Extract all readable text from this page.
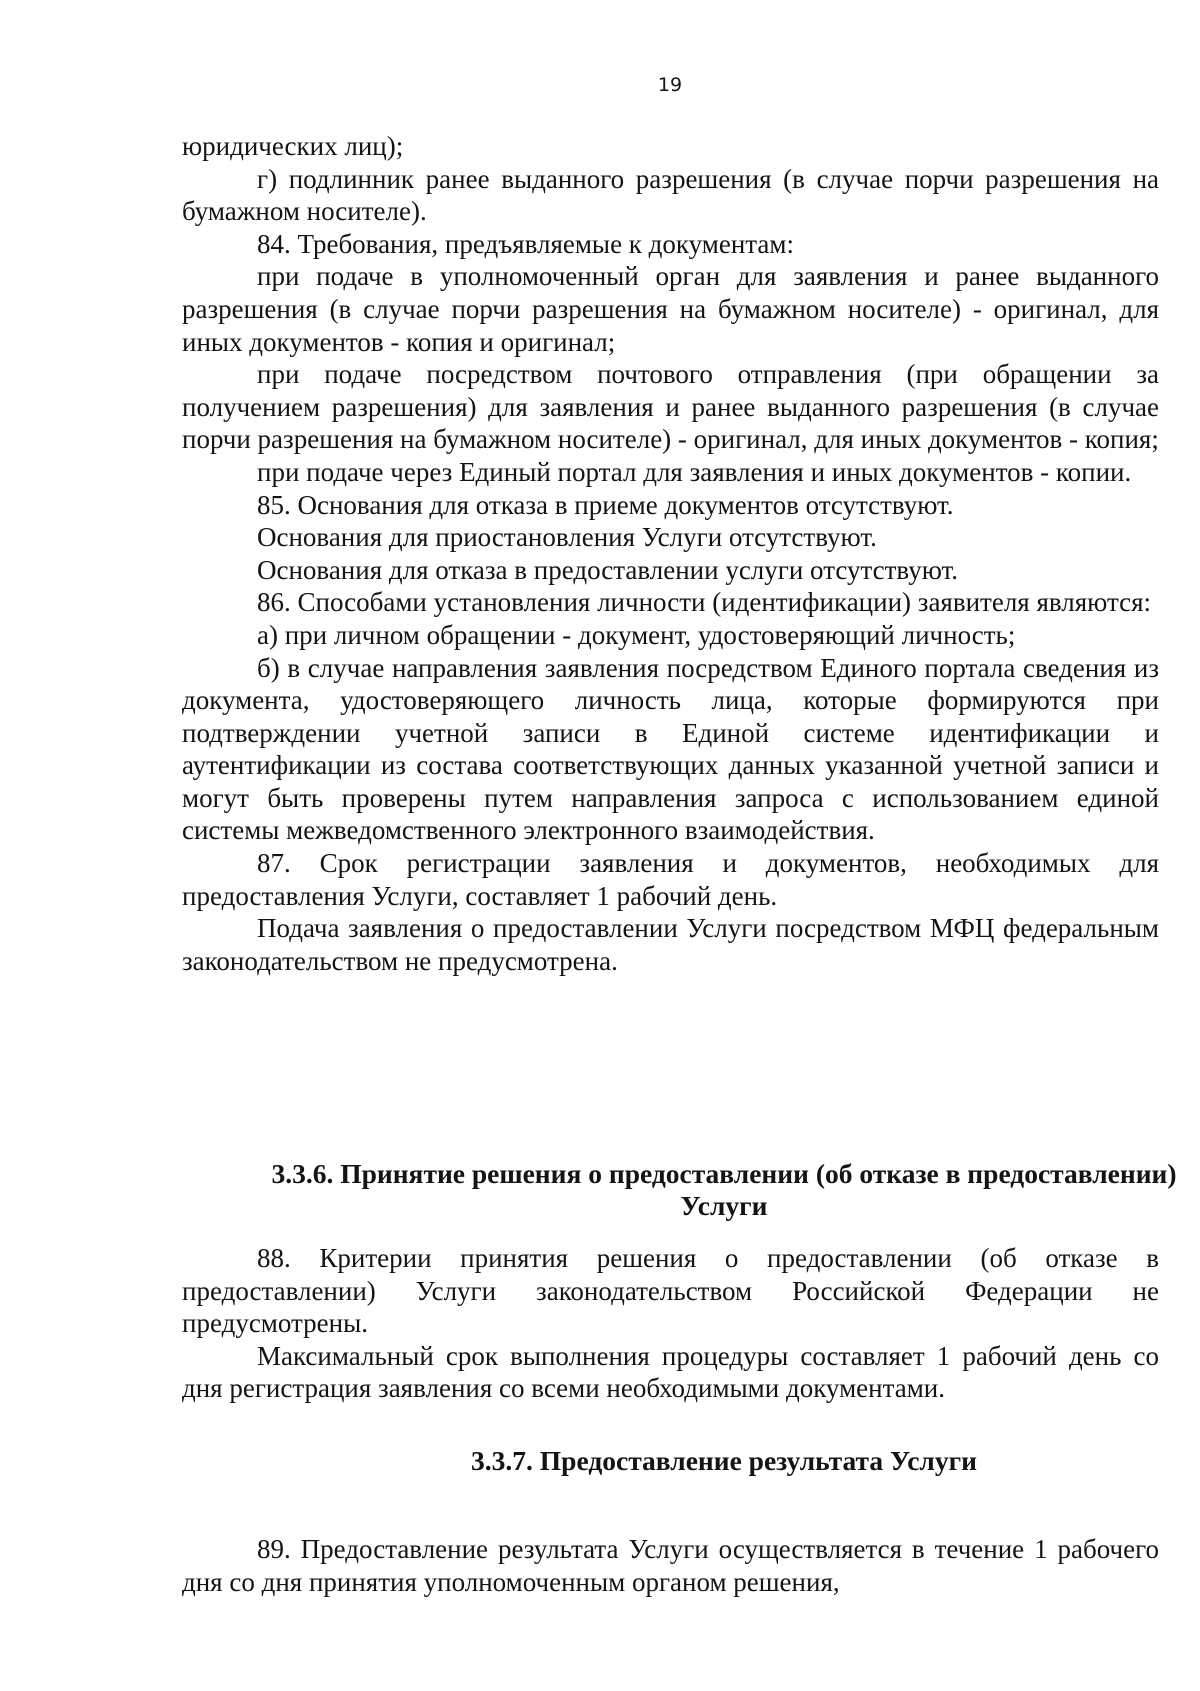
19

юридических лиц);

г) подлинник ранее выданного разрешения (в случае порчи разрешения на бумажном носителе).

84. Требования, предъявляемые к документам:

при подаче в уполномоченный орган для заявления и ранее выданного разрешения (в случае порчи разрешения на бумажном носителе) - оригинал, для иных документов - копия и оригинал;

при подаче посредством почтового отправления (при обращении за получением разрешения) для заявления и ранее выданного разрешения (в случае порчи разрешения на бумажном носителе) - оригинал, для иных документов - копия;

при подаче через Единый портал для заявления и иных документов - копии.

85. Основания для отказа в приеме документов отсутствуют.

Основания для приостановления Услуги отсутствуют.

Основания для отказа в предоставлении услуги отсутствуют.

86. Способами установления личности (идентификации) заявителя являются:

а) при личном обращении - документ, удостоверяющий личность;

б) в случае направления заявления посредством Единого портала сведения из документа, удостоверяющего личность лица, которые формируются при подтверждении учетной записи в Единой системе идентификации и аутентификации из состава соответствующих данных указанной учетной записи и могут быть проверены путем направления запроса с использованием единой системы межведомственного электронного взаимодействия.

87. Срок регистрации заявления и документов, необходимых для предоставления Услуги, составляет 1 рабочий день.

Подача заявления о предоставлении Услуги посредством МФЦ федеральным законодательством не предусмотрена.

3.3.6. Принятие решения о предоставлении (об отказе в предоставлении) Услуги

88. Критерии принятия решения о предоставлении (об отказе в предоставлении) Услуги законодательством Российской Федерации не предусмотрены.

Максимальный срок выполнения процедуры составляет 1 рабочий день со дня регистрация заявления со всеми необходимыми документами.

3.3.7. Предоставление результата Услуги

89. Предоставление результата Услуги осуществляется в течение 1 рабочего дня со дня принятия уполномоченным органом решения,
